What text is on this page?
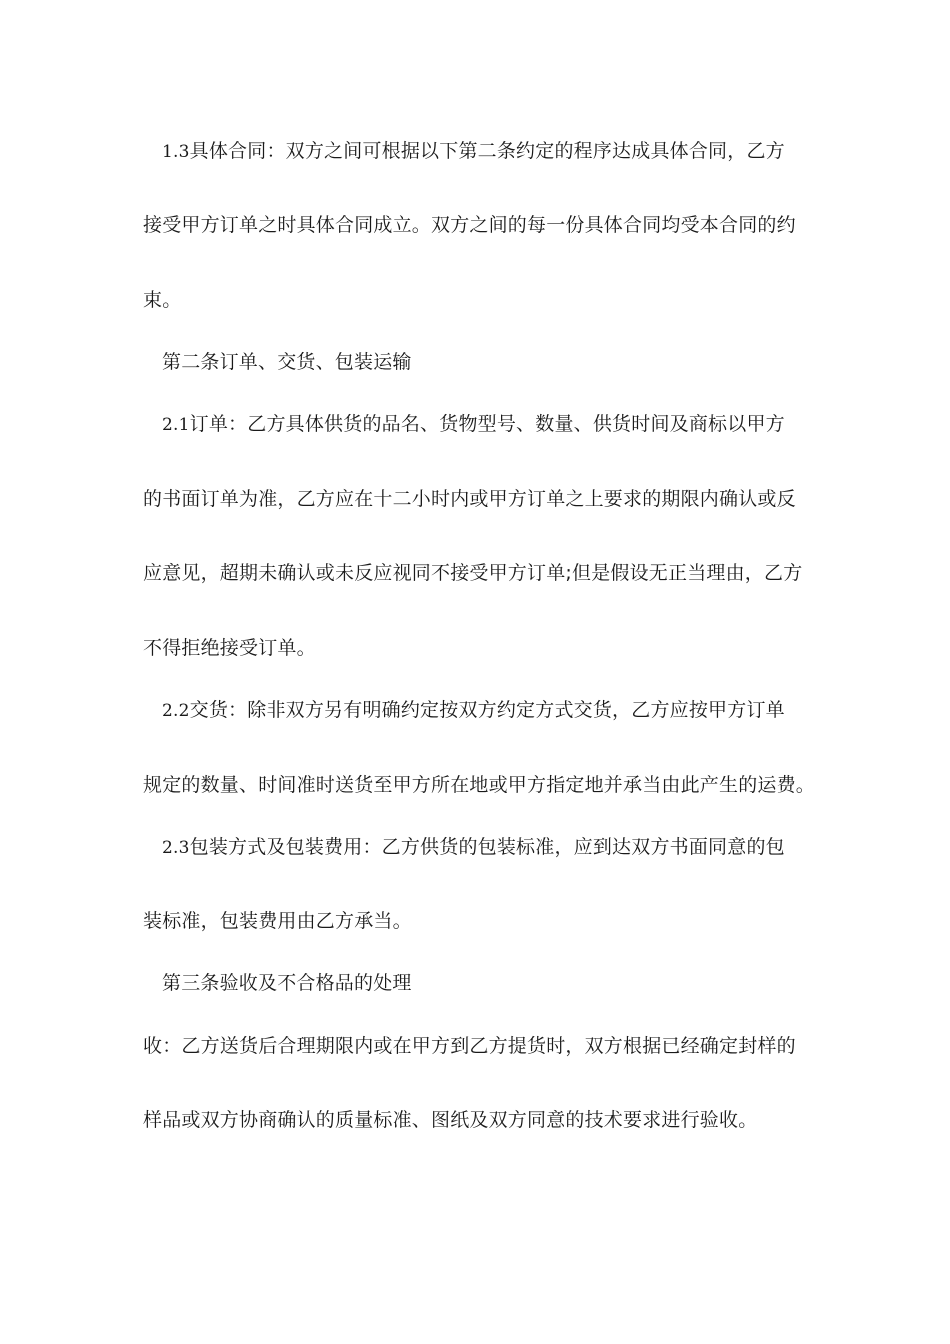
1.3具体合同：双方之间可根据以下第二条约定的程序达成具体合同，乙方
接受甲方订单之时具体合同成立。双方之间的每一份具体合同均受本合同的约
束。
第二条订单、交货、包装运输
2.1订单：乙方具体供货的品名、货物型号、数量、供货时间及商标以甲方
的书面订单为准，乙方应在十二小时内或甲方订单之上要求的期限内确认或反
应意见，超期未确认或未反应视同不接受甲方订单;但是假设无正当理由，乙方
不得拒绝接受订单。
2.2交货：除非双方另有明确约定按双方约定方式交货，乙方应按甲方订单
规定的数量、时间准时送货至甲方所在地或甲方指定地并承当由此产生的运费。
2.3包装方式及包装费用：乙方供货的包装标准，应到达双方书面同意的包
装标准，包装费用由乙方承当。
第三条验收及不合格品的处理
收：乙方送货后合理期限内或在甲方到乙方提货时，双方根据已经确定封样的
样品或双方协商确认的质量标准、图纸及双方同意的技术要求进行验收。
